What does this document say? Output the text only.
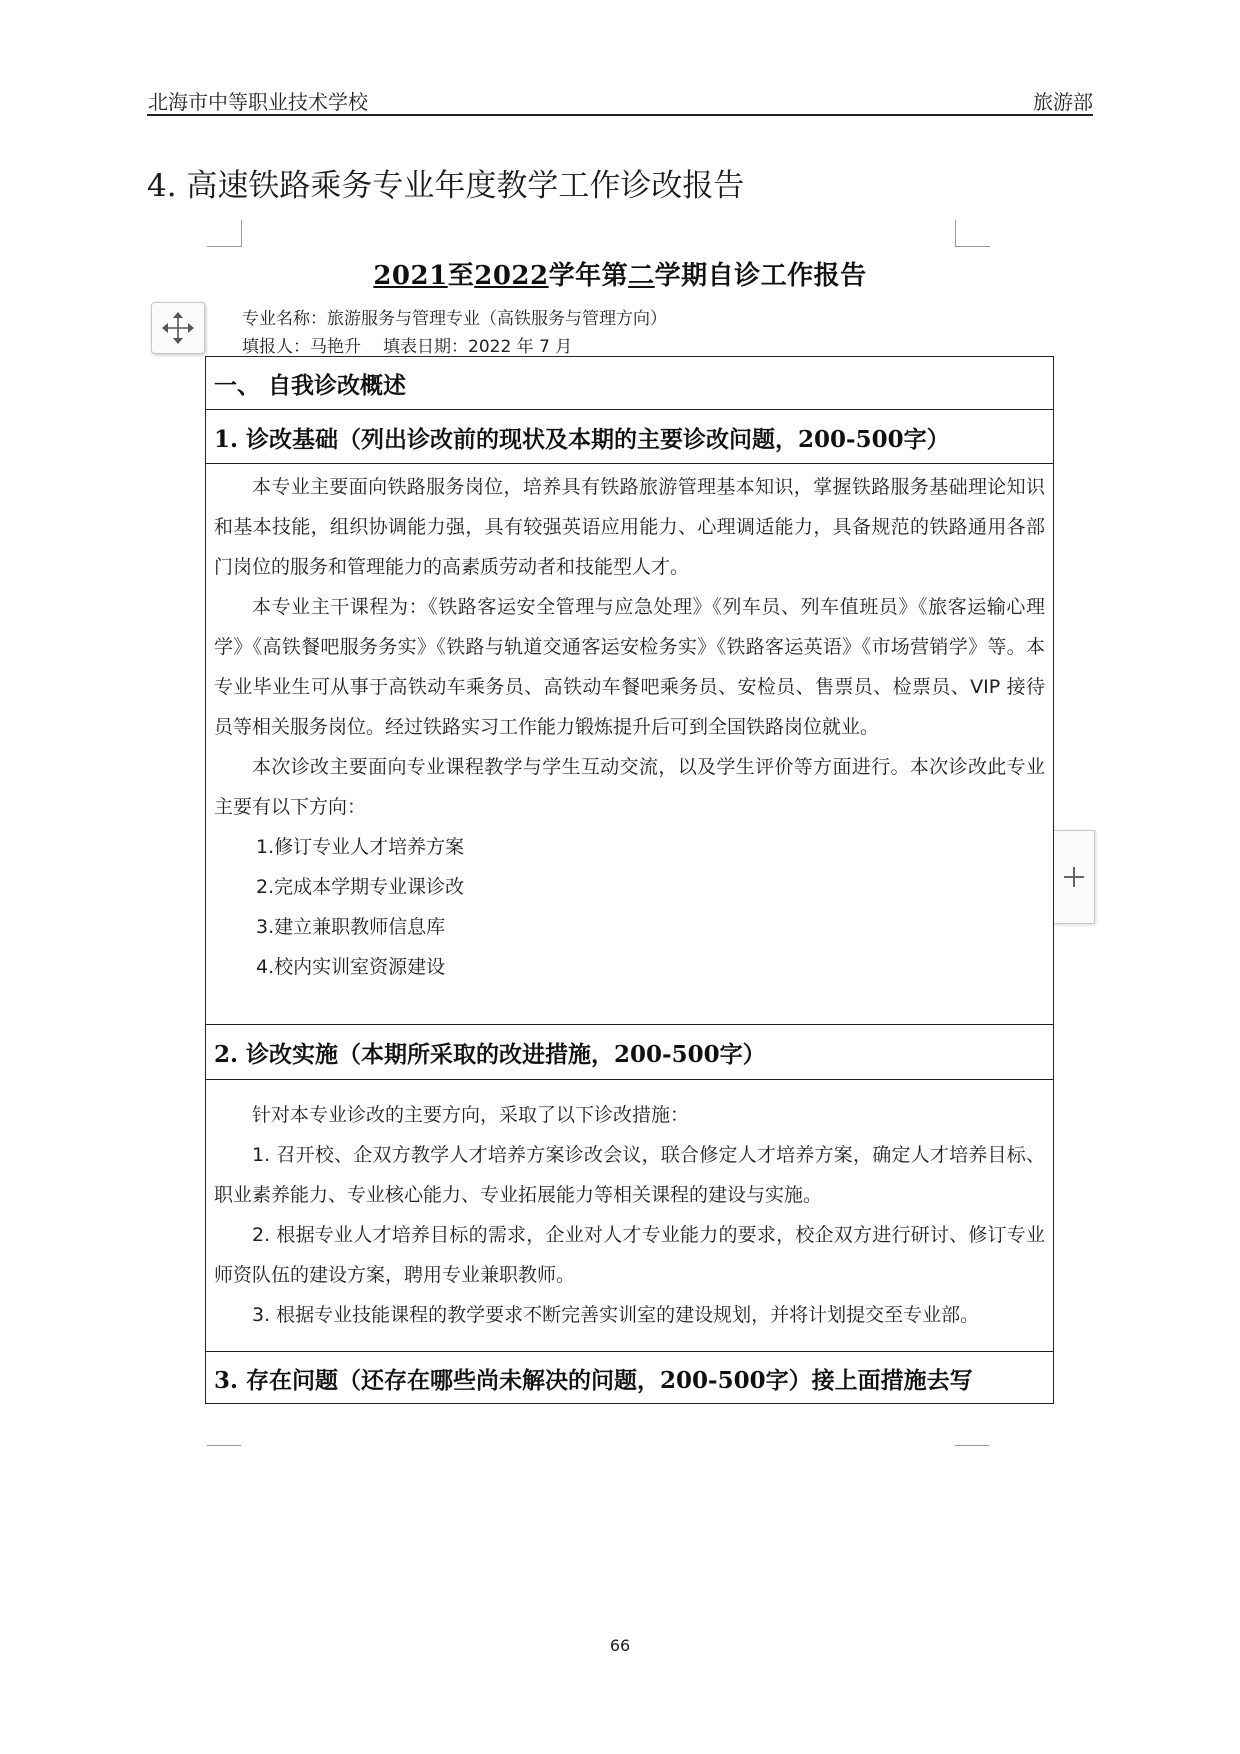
北海市中等职业技术学校	旅游部
4. 高速铁路乘务专业年度教学工作诊改报告
2021至2022学年第二学期自诊工作报告
专业名称：旅游服务与管理专业（高铁服务与管理方向）
填报人：马艳升 填表日期：2022 年 7 月
一、 自我诊改概述
1. 诊改基础（列出诊改前的现状及本期的主要诊改问题，200-500字）

本专业主要面向铁路服务岗位，培养具有铁路旅游管理基本知识，掌握铁路服务基础理论知识和基本技能，组织协调能力强，具有较强英语应用能力、心理调适能力，具备规范的铁路通用各部门岗位的服务和管理能力的高素质劳动者和技能型人才。

本专业主干课程为：《铁路客运安全管理与应急处理》《列车员、列车值班员》《旅客运输心理学》《高铁餐吧服务务实》《铁路与轨道交通客运安检务实》《铁路客运英语》《市场营销学》等。本专业毕业生可从事于高铁动车乘务员、高铁动车餐吧乘务员、安检员、售票员、检票员、VIP 接待员等相关服务岗位。经过铁路实习工作能力锻炼提升后可到全国铁路岗位就业。

本次诊改主要面向专业课程教学与学生互动交流，以及学生评价等方面进行。本次诊改此专业主要有以下方向：

1.修订专业人才培养方案
2.完成本学期专业课诊改
3.建立兼职教师信息库
4.校内实训室资源建设
2. 诊改实施（本期所采取的改进措施，200-500字）

针对本专业诊改的主要方向，采取了以下诊改措施：

1. 召开校、企双方教学人才培养方案诊改会议，联合修定人才培养方案，确定人才培养目标、职业素养能力、专业核心能力、专业拓展能力等相关课程的建设与实施。

2. 根据专业人才培养目标的需求，企业对人才专业能力的要求，校企双方进行研讨、修订专业师资队伍的建设方案，聘用专业兼职教师。

3. 根据专业技能课程的教学要求不断完善实训室的建设规划，并将计划提交至专业部。

3. 存在问题（还存在哪些尚未解决的问题，200-500字）接上面措施去写
66
